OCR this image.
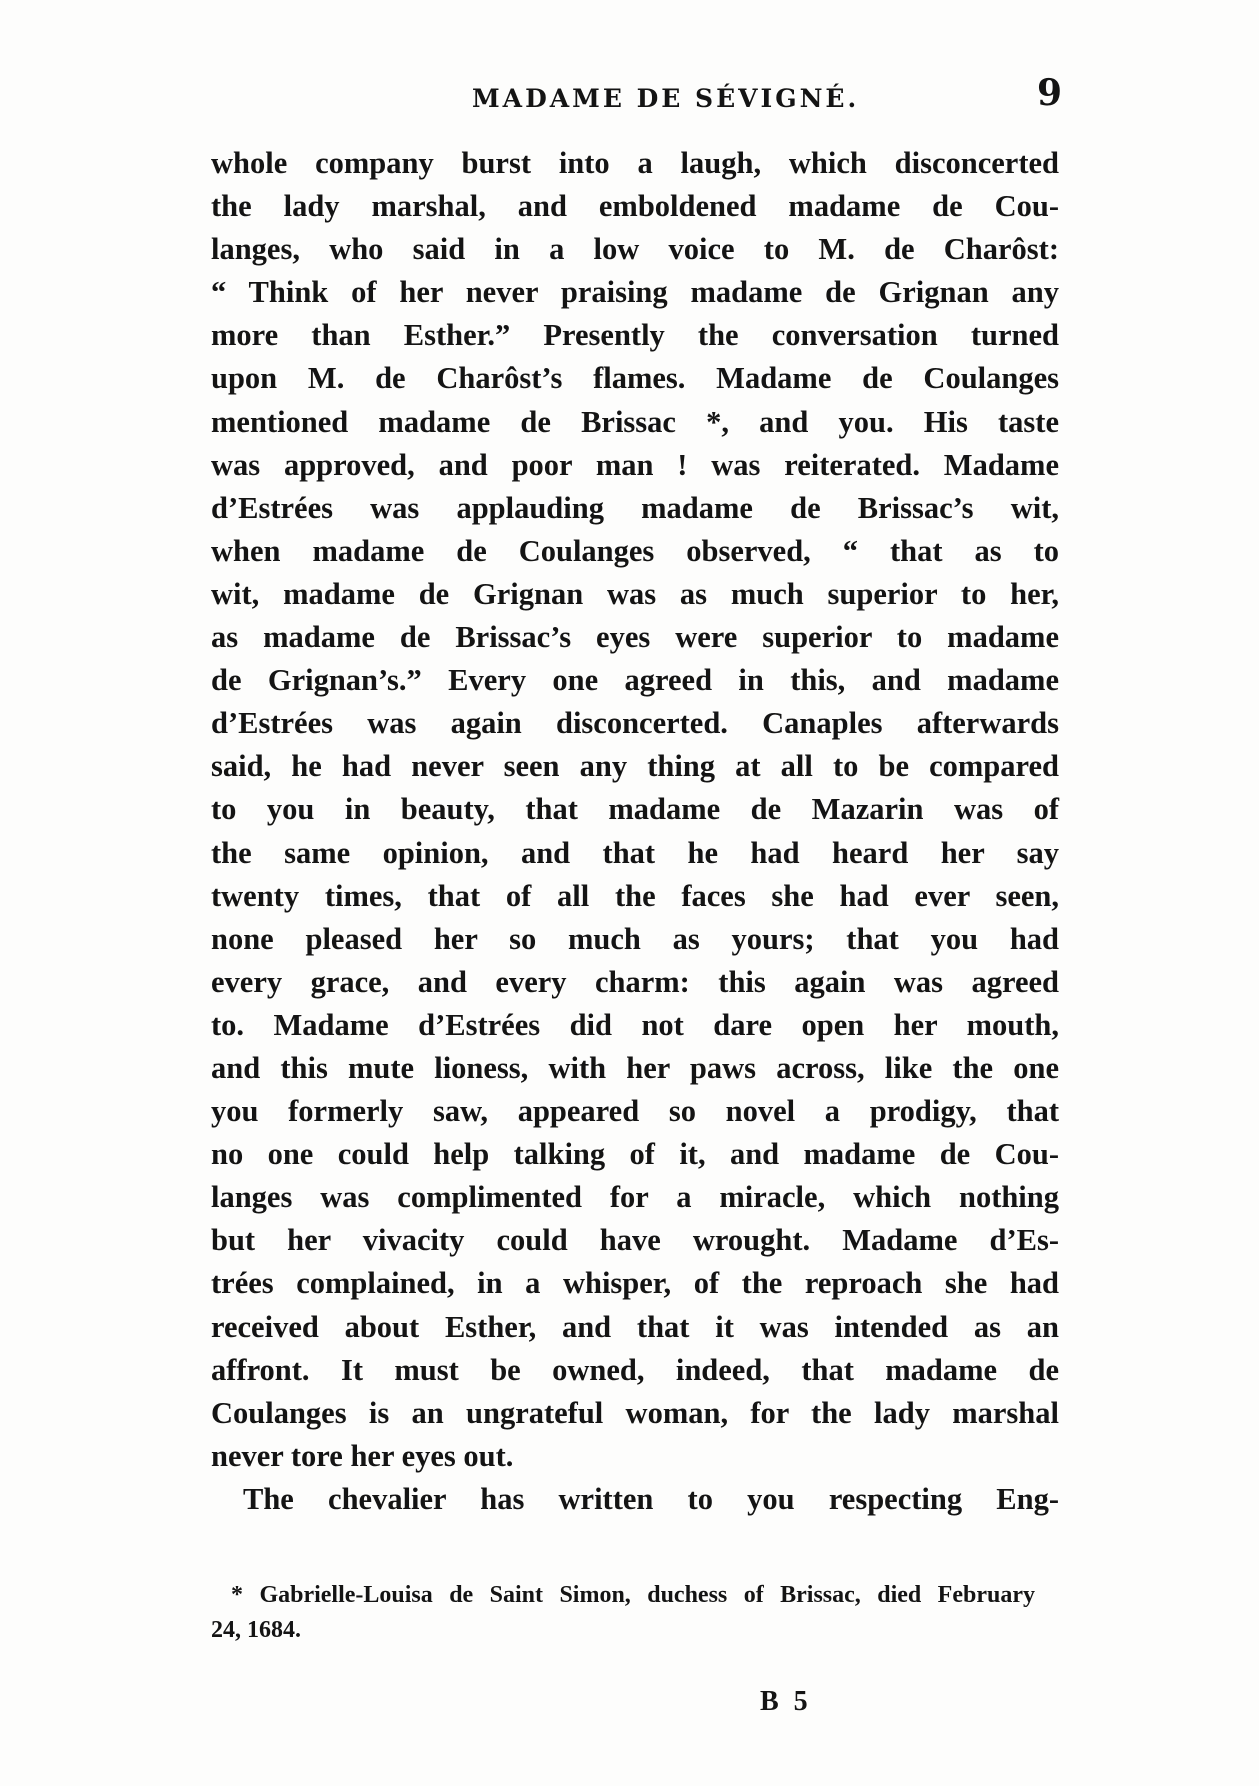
MADAME DE SÉVIGNÉ.	9
whole company burst into a laugh, which disconcerted
the lady marshal, and emboldened madame de Cou-
langes, who said in a low voice to M. de Charôst:
“ Think of her never praising madame de Grignan any
more than Esther.” Presently the conversation turned
upon M. de Charôst’s flames. Madame de Coulanges
mentioned madame de Brissac *, and you. His taste
was approved, and poor man ! was reiterated. Madame
d’Estrées was applauding madame de Brissac’s wit,
when madame de Coulanges observed, “ that as to
wit, madame de Grignan was as much superior to her,
as madame de Brissac’s eyes were superior to madame
de Grignan’s.” Every one agreed in this, and madame
d’Estrées was again disconcerted. Canaples afterwards
said, he had never seen any thing at all to be compared
to you in beauty, that madame de Mazarin was of
the same opinion, and that he had heard her say
twenty times, that of all the faces she had ever seen,
none pleased her so much as yours; that you had
every grace, and every charm: this again was agreed
to. Madame d’Estrées did not dare open her mouth,
and this mute lioness, with her paws across, like the one
you formerly saw, appeared so novel a prodigy, that
no one could help talking of it, and madame de Cou-
langes was complimented for a miracle, which nothing
but her vivacity could have wrought. Madame d’Es-
trées complained, in a whisper, of the reproach she had
received about Esther, and that it was intended as an
affront. It must be owned, indeed, that madame de
Coulanges is an ungrateful woman, for the lady marshal
never tore her eyes out.
The chevalier has written to you respecting Eng-
* Gabrielle-Louisa de Saint Simon, duchess of Brissac, died February
24, 1684.
B 5
